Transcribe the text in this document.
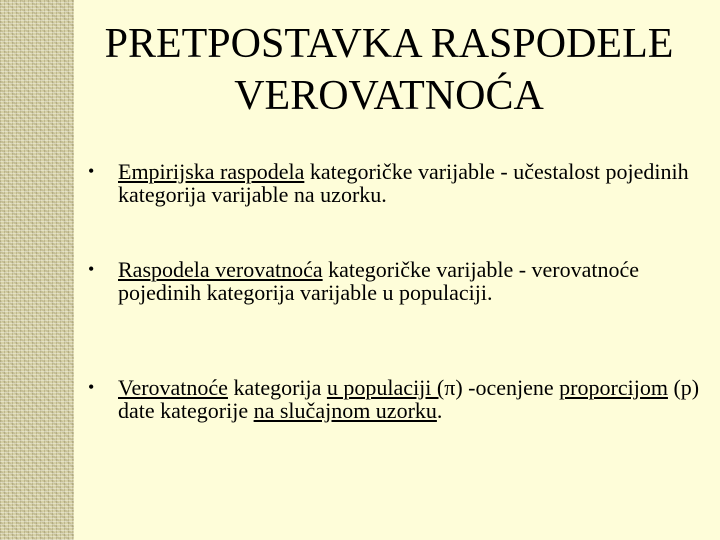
PRETPOSTAVKA RASPODELE
VEROVATNOĆA
• Empirijska raspodela kategoričke varijable - učestalost pojedinih kategorija varijable na uzorku.
• Raspodela verovatnoća kategoričke varijable - verovatnoće pojedinih kategorija varijable u populaciji.
• Verovatnoće kategorija u populaciji (π) -ocenjene proporcijom (p) date kategorije na slučajnom uzorku.
